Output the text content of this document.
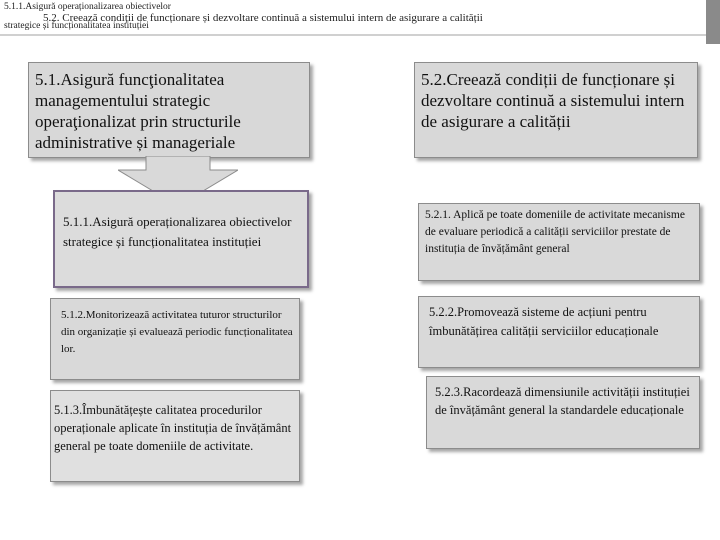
5.1.1.Asigură operaționalizarea obiectivelor
5.2. Creează condiții de funcționare și dezvoltare continuă a sistemului intern de asigurare a calității
strategice și funcționalitatea instituției
5.1.Asigură funcţionalitatea managementului strategic operaţionalizat prin structurile administrative și manageriale
5.2.Creează condiții de funcționare și dezvoltare continuă a sistemului intern de asigurare a calității
5.1.1.Asigură operaționalizarea obiectivelor strategice și funcționalitatea instituției
5.1.2.Monitorizează activitatea tuturor structurilor din organizație și evaluează periodic funcționalitatea lor.
5.1.3.Îmbunătățește calitatea procedurilor operaționale aplicate în instituția de învățământ general pe toate domeniile de activitate.
5.2.1. Aplică pe toate domeniile de activitate mecanisme de evaluare periodică a calității serviciilor prestate de instituția de învățământ general
5.2.2.Promovează sisteme de acțiuni pentru îmbunătățirea calității serviciilor educaționale
5.2.3.Racordează dimensiunile activității instituției de învățământ general la standardele educaționale
